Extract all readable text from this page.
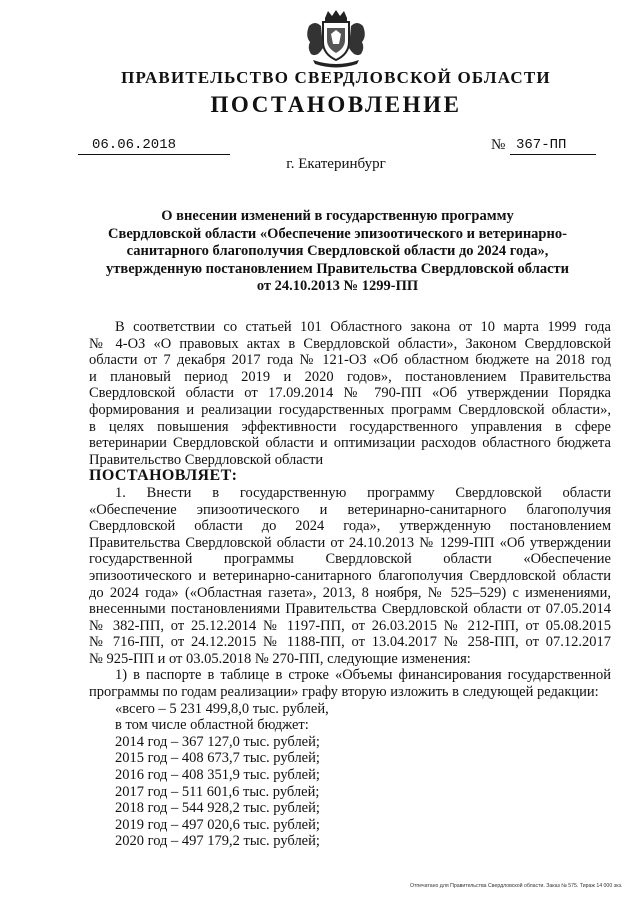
ПРАВИТЕЛЬСТВО СВЕРДЛОВСКОЙ ОБЛАСТИ
ПОСТАНОВЛЕНИЕ
06.06.2018	№ 367-ПП
г. Екатеринбург
О внесении изменений в государственную программу
Свердловской области «Обеспечение эпизоотического и ветеринарно-
санитарного благополучия Свердловской области до 2024 года»,
утвержденную постановлением Правительства Свердловской области
от 24.10.2013 № 1299-ПП
В соответствии со статьей 101 Областного закона от 10 марта 1999 года
№ 4-ОЗ «О правовых актах в Свердловской области», Законом Свердловской
области от 7 декабря 2017 года № 121-ОЗ «Об областном бюджете на 2018 год
и плановый период 2019 и 2020 годов», постановлением Правительства
Свердловской области от 17.09.2014 № 790-ПП «Об утверждении Порядка
формирования и реализации государственных программ Свердловской области»,
в целях повышения эффективности государственного управления в сфере
ветеринарии Свердловской области и оптимизации расходов областного бюджета
Правительство Свердловской области
ПОСТАНОВЛЯЕТ:
1. Внести в государственную программу Свердловской области
«Обеспечение эпизоотического и ветеринарно-санитарного благополучия
Свердловской области до 2024 года», утвержденную постановлением
Правительства Свердловской области от 24.10.2013 № 1299-ПП «Об утверждении
государственной программы Свердловской области «Обеспечение
эпизоотического и ветеринарно-санитарного благополучия Свердловской области
до 2024 года» («Областная газета», 2013, 8 ноября, № 525–529) с изменениями,
внесенными постановлениями Правительства Свердловской области от 07.05.2014
№ 382-ПП, от 25.12.2014 № 1197-ПП, от 26.03.2015 № 212-ПП, от 05.08.2015
№ 716-ПП, от 24.12.2015 № 1188-ПП, от 13.04.2017 № 258-ПП, от 07.12.2017
№ 925-ПП и от 03.05.2018 № 270-ПП, следующие изменения:
1) в паспорте в таблице в строке «Объемы финансирования государственной
программы по годам реализации» графу вторую изложить в следующей редакции:
«всего – 5 231 499,8,0 тыс. рублей,
в том числе областной бюджет:
2014 год – 367 127,0 тыс. рублей;
2015 год – 408 673,7 тыс. рублей;
2016 год – 408 351,9 тыс. рублей;
2017 год – 511 601,6 тыс. рублей;
2018 год – 544 928,2 тыс. рублей;
2019 год – 497 020,6 тыс. рублей;
2020 год – 497 179,2 тыс. рублей;
Отпечатано для Правительства Свердловской области. Заказ № 575. Тираж 14 000 экз.
